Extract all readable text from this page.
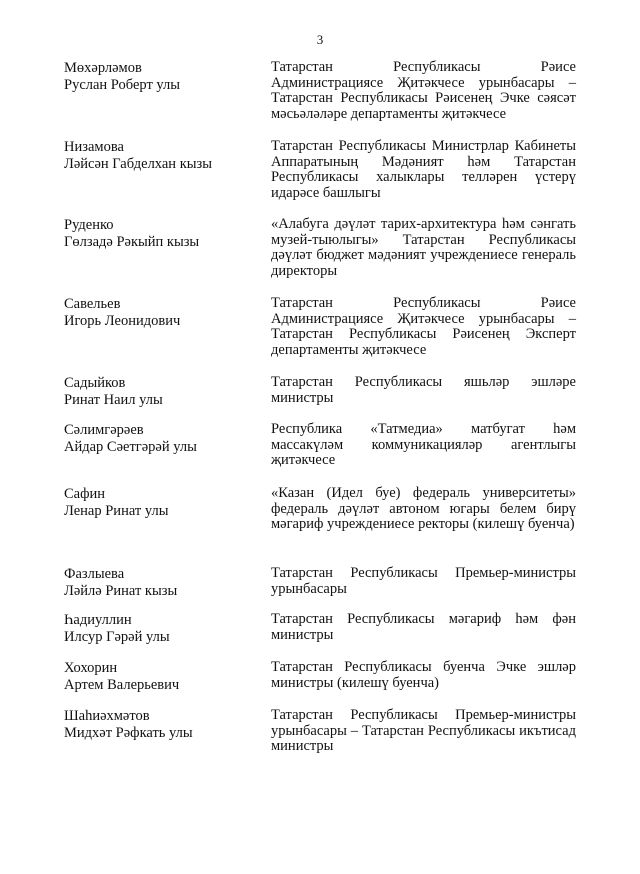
3
Мөхәрләмов
Руслан Роберт улы
Татарстан Республикасы Рәисе Администрациясе Җитәкчесе урынбасары – Татарстан Республикасы Рәисенең Эчке сәясәт мәсьәләләре департаменты җитәкчесе
Низамова
Ләйсән Габделхан кызы
Татарстан Республикасы Министрлар Кабинеты Аппаратының Мәдәният һәм Татарстан Республикасы халыклары телләрен үстерү идарәсе башлыгы
Руденко
Гөлзадә Рәкыйп кызы
«Алабуга дәүләт тарих-архитектура һәм сәнгать музей-тыюлыгы» Татарстан Республикасы дәүләт бюджет мәдәният учреждениесе генераль директоры
Савельев
Игорь Леонидович
Татарстан Республикасы Рәисе Администрациясе Җитәкчесе урынбасары – Татарстан Республикасы Рәисенең Эксперт департаменты җитәкчесе
Садыйков
Ринат Наил улы
Татарстан Республикасы яшьләр эшләре министры
Сәлимгәрәев
Айдар Сәетгәрәй улы
Республика «Татмедиа» матбугат һәм массакүләм коммуникацияләр агентлыгы җитәкчесе
Сафин
Ленар Ринат улы
«Казан (Идел буе) федераль университеты» федераль дәүләт автоном югары белем бирү мәгариф учреждениесе ректоры (килешү буенча)
Фазлыева
Ләйлә Ринат кызы
Татарстан Республикасы Премьер-министры урынбасары
Һадиуллин
Илсур Гәрәй улы
Татарстан Республикасы мәгариф һәм фән министры
Хохорин
Артем Валерьевич
Татарстан Республикасы буенча Эчке эшләр министры (килешү буенча)
Шаһиәхмәтов
Мидхәт Рәфкать улы
Татарстан Республикасы Премьер-министры урынбасары – Татарстан Республикасы икътисад министры
